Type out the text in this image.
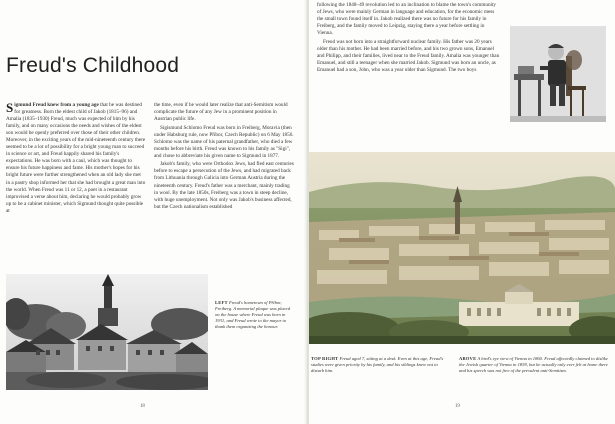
Freud's Childhood

Sigmund Freud knew from a young age that he was destined for greatness. Born the eldest child of Jakob (1815–96) and Amalia (1835–1930) Freud, much was expected of him by his family, and on many occasions the needs and wishes of the eldest son would be openly preferred over those of their other children. Moreover, in the exciting years of the mid-nineteenth century there seemed to be a lot of possibility for a bright young man to succeed in science or art, and Freud happily shared his family's expectations. He was born with a caul, which was thought to ensure his future happiness and fame. His mother's hopes for his bright future were further strengthened when an old lady she met in a pastry shop informed her that she had brought a great man into the world. When Freud was 11 or 12, a poet in a restaurant improvised a verse about him, declaring he would probably grow up to be a cabinet minister, which Sigmund thought quite possible at

the time, even if he would later realize that anti-Semitism would complicate the future of any Jew in a prominent position in Austrian public life.

Sigismund Schlomo Freud was born in Freiberg, Moravia (then under Habsburg rule, now Příbor, Czech Republic) on 6 May 1856. Schlomo was the name of his paternal grandfather, who died a few months before his birth. Freud was known to his family as "Sigi", and chose to abbreviate his given name to Sigmund in 1877.

Jakob's family, who were Orthodox Jews, had fled east centuries before to escape a persecution of the Jews, and had migrated back from Lithuania through Galicia into German Austria during the nineteenth century. Freud's father was a merchant, mainly trading in wool. By the late 1850s, Freiberg was a town in steep decline, with huge unemployment. Not only was Jakob's business affected, but the Czech nationalism established

LEFT Freud's hometown of Příbor, Freiberg. A memorial plaque was placed on the house where Freud was born in 1931, and Freud wrote to the mayor to thank them organizing the honour.
18

following the 1848–49 revolution led to an inclination to blame the town's community of Jews, who were mainly German in language and education, for the economic mess the small town found itself in. Jakob realized there was no future for his family in Freiberg, and the family moved to Leipzig, staying there a year before settling in Vienna.

Freud was not born into a straightforward nuclear family. His father was 20 years older than his mother. He had been married before, and his two grown sons, Emanuel and Philipp, and their families, lived near to the Freud family. Amalia was younger than Emanuel, and still a teenager when she married Jakob. Sigmund was born an uncle, as Emanuel had a son, John, who was a year older than Sigmund. The two boys

TOP RIGHT Freud aged 7, sitting at a desk. Even at this age, Freud's studies were given priority by his family, and his siblings knew not to disturb him.
ABOVE A bird's eye view of Vienna in 1860. Freud affectedly claimed to dislike the Jewish quarter of Vienna in 1859, but he actually only ever felt at home there and his speech was not free of the prevalent anti-Semitism.
19
